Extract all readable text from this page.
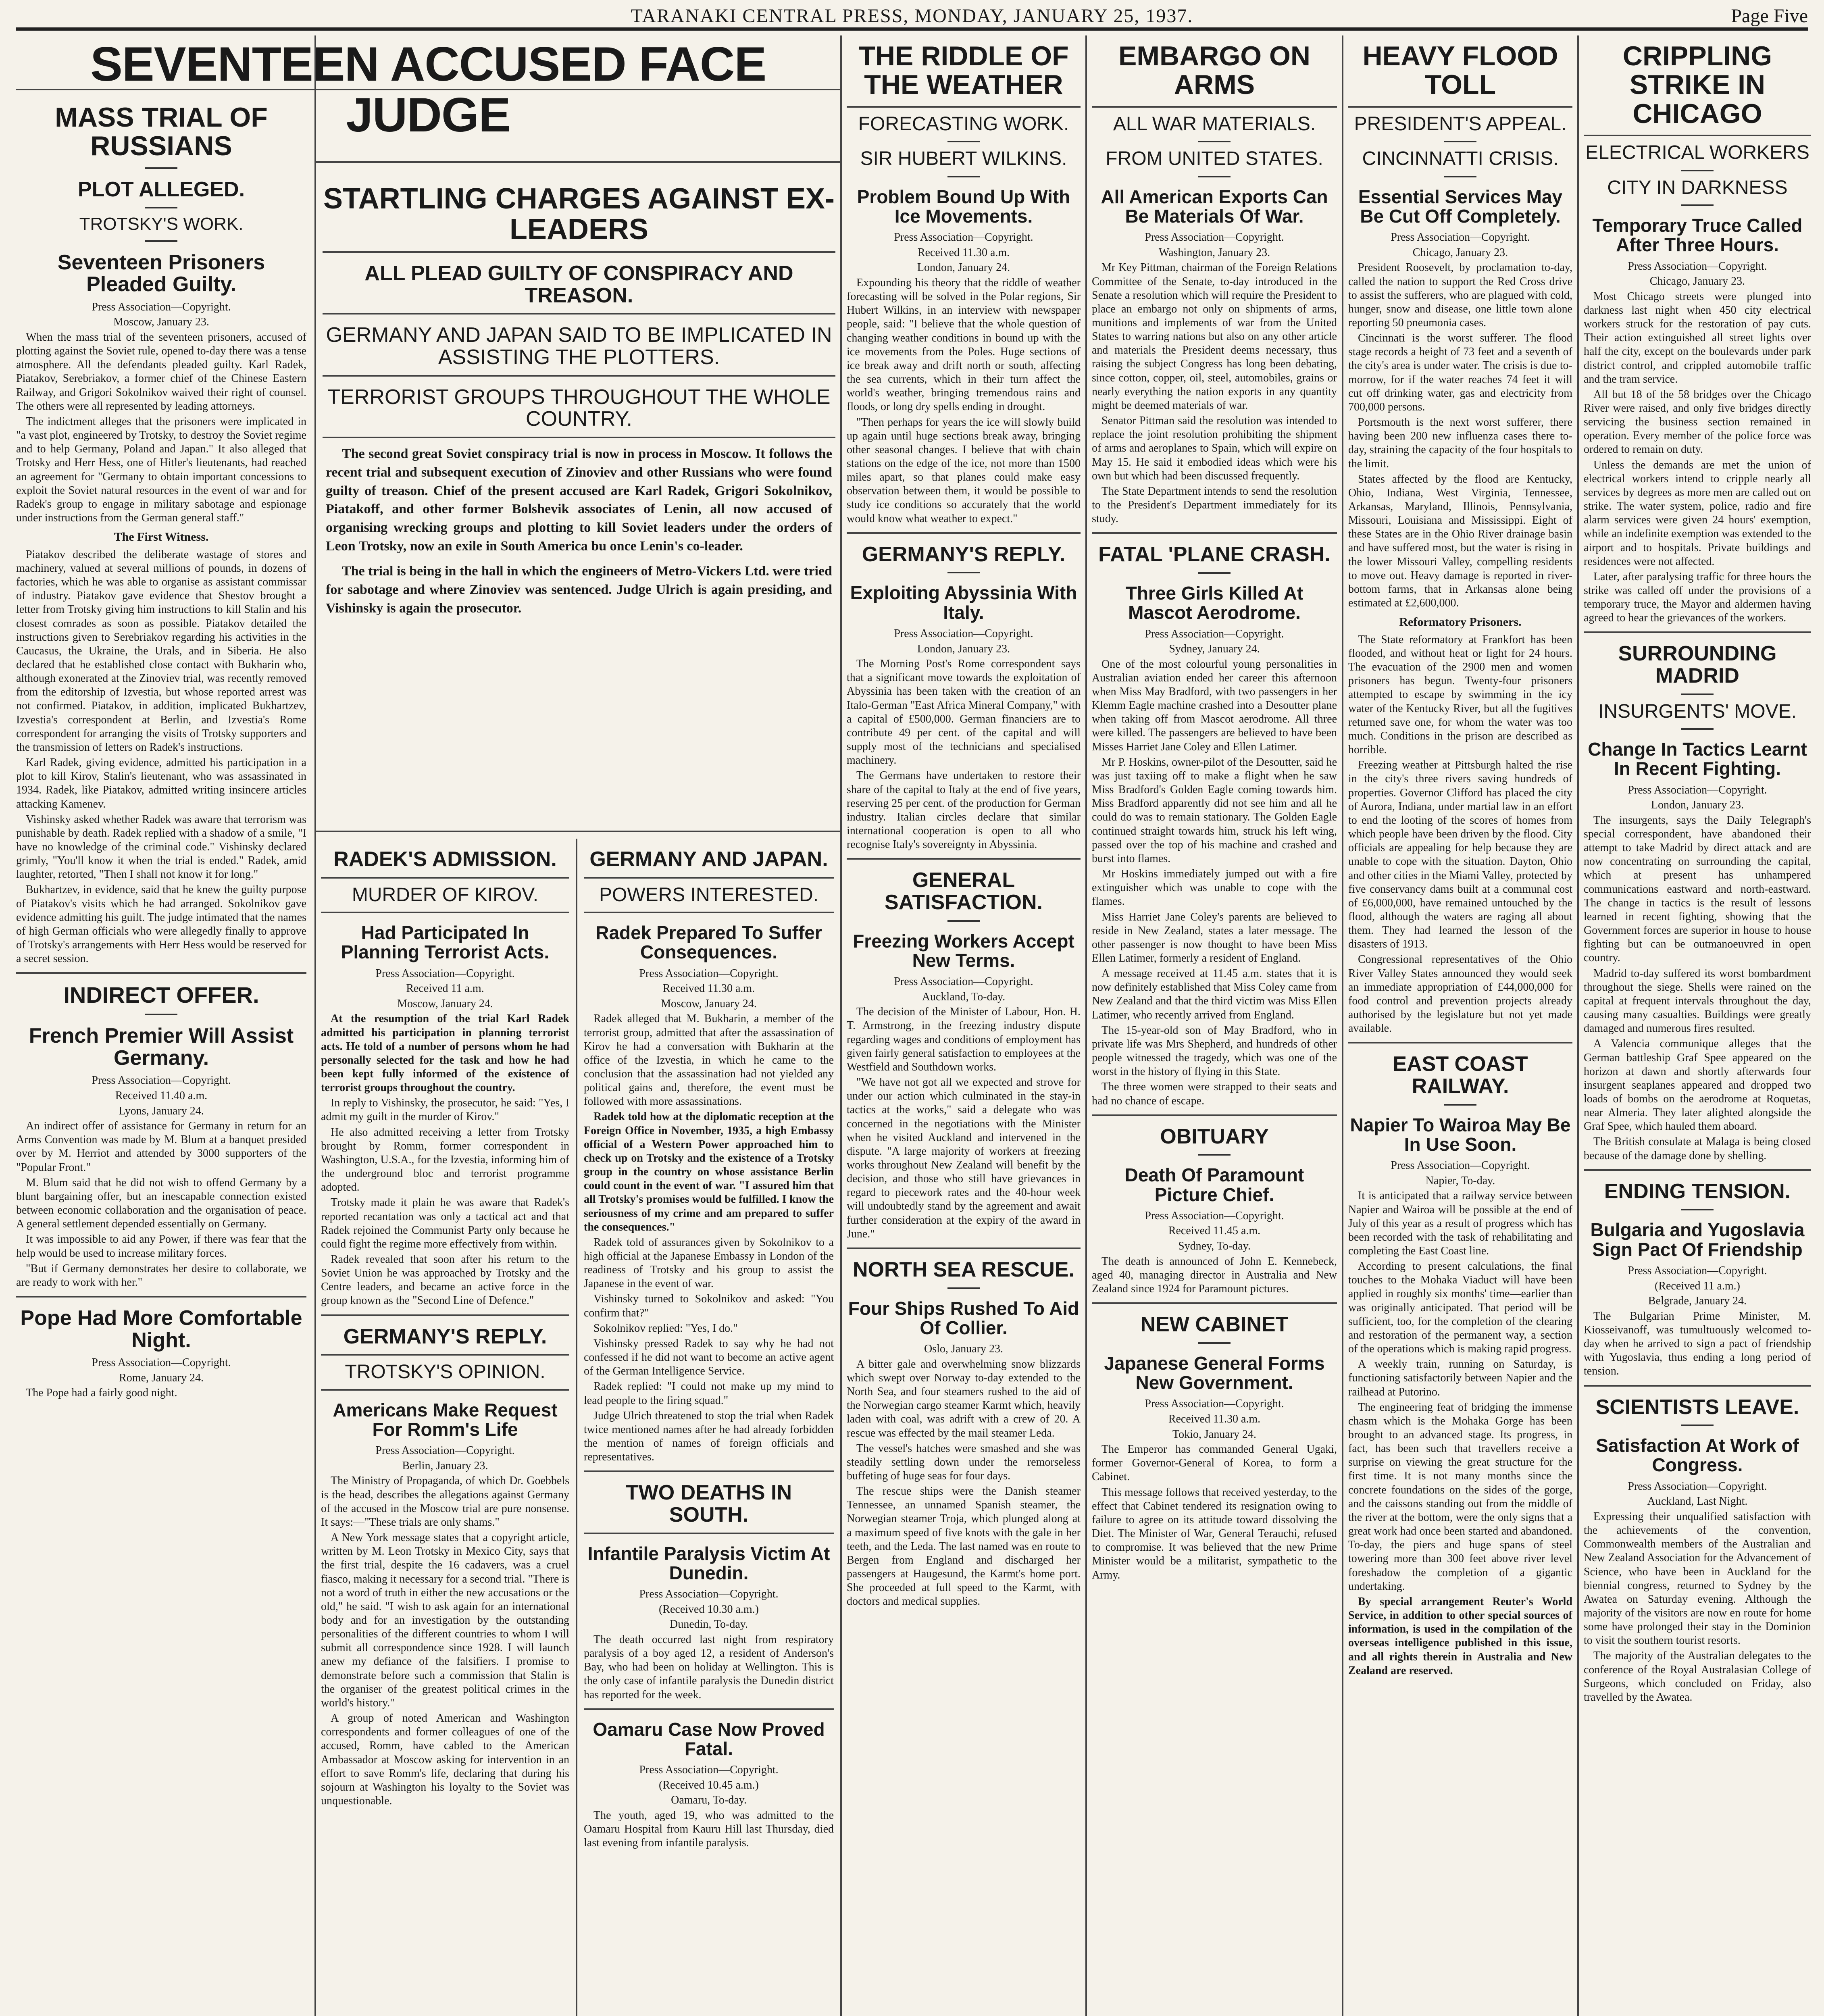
TARANAKI CENTRAL PRESS, MONDAY, JANUARY 25, 1937.	Page Five
SEVENTEEN ACCUSED FACE JUDGE
MASS TRIAL OF RUSSIANS
PLOT ALLEGED.
TROTSKY'S WORK.
Seventeen Prisoners Pleaded Guilty.
Press Association—Copyright.
Moscow, January 23.

When the mass trial of the seventeen prisoners, accused of plotting against the Soviet rule, opened to-day there was a tense atmosphere. All the defendants pleaded guilty. Karl Radek, Piatakov, Serebriakov, a former chief of the Chinese Eastern Railway, and Grigori Sokolnikov waived their right of counsel. The others were all represented by leading attorneys.

The indictment alleges that the prisoners were implicated in "a vast plot, engineered by Trotsky, to destroy the Soviet regime and to help Germany, Poland and Japan." It also alleged that Trotsky and Herr Hess, one of Hitler's lieutenants, had reached an agreement for "Germany to obtain important concessions to exploit the Soviet natural resources in the event of war and for Radek's group to engage in military sabotage and espionage under instructions from the German general staff."

The First Witness.

Piatakov described the deliberate wastage of stores and machinery, valued at several millions of pounds, in dozens of factories, which he was able to organise as assistant commissar of industry. Piatakov gave evidence that Shestov brought a letter from Trotsky giving him instructions to kill Stalin and his closest comrades as soon as possible. Piatakov detailed the instructions given to Serebriakov regarding his activities in the Caucasus, the Ukraine, the Urals, and in Siberia. He also declared that he established close contact with Bukharin who, although exonerated at the Zinoviev trial, was recently removed from the editorship of Izvestia, but whose reported arrest was not confirmed. Piatakov, in addition, implicated Bukhartzev, Izvestia's correspondent at Berlin, and Izvestia's Rome correspondent for arranging the visits of Trotsky supporters and the transmission of letters on Radek's instructions.

Karl Radek, giving evidence, admitted his participation in a plot to kill Kirov, Stalin's lieutenant, who was assassinated in 1934. Radek, like Piatakov, admitted writing insincere articles attacking Kamenev.

Vishinsky asked whether Radek was aware that terrorism was punishable by death. Radek replied with a shadow of a smile, "I have no knowledge of the criminal code." Vishinsky declared grimly, "You'll know it when the trial is ended." Radek, amid laughter, retorted, "Then I shall not know it for long."

Bukhartzev, in evidence, said that he knew the guilty purpose of Piatakov's visits which he had arranged. Sokolnikov gave evidence admitting his guilt. The judge intimated that the names of high German officials who were allegedly finally to approve of Trotsky's arrangements with Herr Hess would be reserved for a secret session.

INDIRECT OFFER.
French Premier Will Assist Germany.
Press Association—Copyright.
Received 11.40 a.m.
Lyons, January 24.

An indirect offer of assistance for Germany in return for an Arms Convention was made by M. Blum at a banquet presided over by M. Herriot and attended by 3000 supporters of the "Popular Front."

M. Blum said that he did not wish to offend Germany by a blunt bargaining offer, but an inescapable connection existed between economic collaboration and the organisation of peace. A general settlement depended essentially on Germany.

It was impossible to aid any Power, if there was fear that the help would be used to increase military forces.

"But if Germany demonstrates her desire to collaborate, we are ready to work with her."

Pope Had More Comfortable Night.
Press Association—Copyright.
Rome, January 24.

The Pope had a fairly good night.

STARTLING CHARGES AGAINST EX-LEADERS
ALL PLEAD GUILTY OF CONSPIRACY AND TREASON.
GERMANY AND JAPAN SAID TO BE IMPLICATED IN ASSISTING THE PLOTTERS.
TERRORIST GROUPS THROUGHOUT THE WHOLE COUNTRY.

The second great Soviet conspiracy trial is now in process in Moscow. It follows the recent trial and subsequent execution of Zinoviev and other Russians who were found guilty of treason. Chief of the present accused are Karl Radek, Grigori Sokolnikov, Piatakoff, and other former Bolshevik associates of Lenin, all now accused of organising wrecking groups and plotting to kill Soviet leaders under the orders of Leon Trotsky, now an exile in South America bu once Lenin's co-leader.

The trial is being in the hall in which the engineers of Metro-Vickers Ltd. were tried for sabotage and where Zinoviev was sentenced. Judge Ulrich is again presiding, and Vishinsky is again the prosecutor.

RADEK'S ADMISSION.
MURDER OF KIROV.
Had Participated In Planning Terrorist Acts.
Press Association—Copyright.
Received 11 a.m.
Moscow, January 24.

At the resumption of the trial Karl Radek admitted his participation in planning terrorist acts. He told of a number of persons whom he had personally selected for the task and how he had been kept fully informed of the existence of terrorist groups throughout the country.

In reply to Vishinsky, the prosecutor, he said: "Yes, I admit my guilt in the murder of Kirov."

He also admitted receiving a letter from Trotsky brought by Romm, former correspondent in Washington, U.S.A., for the Izvestia, informing him of the underground bloc and terrorist programme adopted.

Trotsky made it plain he was aware that Radek's reported recantation was only a tactical act and that Radek rejoined the Communist Party only because he could fight the regime more effectively from within.

Radek revealed that soon after his return to the Soviet Union he was approached by Trotsky and the Centre leaders, and became an active force in the group known as the "Second Line of Defence."

GERMANY'S REPLY.
TROTSKY'S OPINION.
Americans Make Request For Romm's Life
Press Association—Copyright.
Berlin, January 23.

The Ministry of Propaganda, of which Dr. Goebbels is the head, describes the allegations against Germany of the accused in the Moscow trial are pure nonsense. It says:—"These trials are only shams."

A New York message states that a copyright article, written by M. Leon Trotsky in Mexico City, says that the first trial, despite the 16 cadavers, was a cruel fiasco, making it necessary for a second trial. "There is not a word of truth in either the new accusations or the old," he said. "I wish to ask again for an international body and for an investigation by the outstanding personalities of the different countries to whom I will submit all correspondence since 1928. I will launch anew my defiance of the falsifiers. I promise to demonstrate before such a commission that Stalin is the organiser of the greatest political crimes in the world's history."

A group of noted American and Washington correspondents and former colleagues of one of the accused, Romm, have cabled to the American Ambassador at Moscow asking for intervention in an effort to save Romm's life, declaring that during his sojourn at Washington his loyalty to the Soviet was unquestionable.

GERMANY AND JAPAN.
POWERS INTERESTED.
Radek Prepared To Suffer Consequences.
Press Association—Copyright.
Received 11.30 a.m.
Moscow, January 24.

Radek alleged that M. Bukharin, a member of the terrorist group, admitted that after the assassination of Kirov he had a conversation with Bukharin at the office of the Izvestia, in which he came to the conclusion that the assassination had not yielded any political gains and, therefore, the event must be followed with more assassinations.

Radek told how at the diplomatic reception at the Foreign Office in November, 1935, a high Embassy official of a Western Power approached him to check up on Trotsky and the existence of a Trotsky group in the country on whose assistance Berlin could count in the event of war. "I assured him that all Trotsky's promises would be fulfilled. I know the seriousness of my crime and am prepared to suffer the consequences."

Radek told of assurances given by Sokolnikov to a high official at the Japanese Embassy in London of the readiness of Trotsky and his group to assist the Japanese in the event of war.

Vishinsky turned to Sokolnikov and asked: "You confirm that?"

Sokolnikov replied: "Yes, I do."

Vishinsky pressed Radek to say why he had not confessed if he did not want to become an active agent of the German Intelligence Service.

Radek replied: "I could not make up my mind to lead people to the firing squad."

Judge Ulrich threatened to stop the trial when Radek twice mentioned names after he had already forbidden the mention of names of foreign officials and representatives.

TWO DEATHS IN SOUTH.
Infantile Paralysis Victim At Dunedin.
Press Association—Copyright.
(Received 10.30 a.m.)
Dunedin, To-day.

The death occurred last night from respiratory paralysis of a boy aged 12, a resident of Anderson's Bay, who had been on holiday at Wellington. This is the only case of infantile paralysis the Dunedin district has reported for the week.

Oamaru Case Now Proved Fatal.
Press Association—Copyright.
(Received 10.45 a.m.)
Oamaru, To-day.

The youth, aged 19, who was admitted to the Oamaru Hospital from Kauru Hill last Thursday, died last evening from infantile paralysis.

THE RIDDLE OF THE WEATHER
FORECASTING WORK.
SIR HUBERT WILKINS.
Problem Bound Up With Ice Movements.
Press Association—Copyright.
Received 11.30 a.m.
London, January 24.

Expounding his theory that the riddle of weather forecasting will be solved in the Polar regions, Sir Hubert Wilkins, in an interview with newspaper people, said: "I believe that the whole question of changing weather conditions in bound up with the ice movements from the Poles. Huge sections of ice break away and drift north or south, affecting the sea currents, which in their turn affect the world's weather, bringing tremendous rains and floods, or long dry spells ending in drought.

"Then perhaps for years the ice will slowly build up again until huge sections break away, bringing other seasonal changes. I believe that with chain stations on the edge of the ice, not more than 1500 miles apart, so that planes could make easy observation between them, it would be possible to study ice conditions so accurately that the world would know what weather to expect."

GERMANY'S REPLY.
Exploiting Abyssinia With Italy.
Press Association—Copyright.
London, January 23.

The Morning Post's Rome correspondent says that a significant move towards the exploitation of Abyssinia has been taken with the creation of an Italo-German "East Africa Mineral Company," with a capital of £500,000. German financiers are to contribute 49 per cent. of the capital and will supply most of the technicians and specialised machinery.

The Germans have undertaken to restore their share of the capital to Italy at the end of five years, reserving 25 per cent. of the production for German industry. Italian circles declare that similar international cooperation is open to all who recognise Italy's sovereignty in Abyssinia.

GENERAL SATISFACTION.
Freezing Workers Accept New Terms.
Press Association—Copyright.
Auckland, To-day.

The decision of the Minister of Labour, Hon. H. T. Armstrong, in the freezing industry dispute regarding wages and conditions of employment has given fairly general satisfaction to employees at the Westfield and Southdown works.

"We have not got all we expected and strove for under our action which culminated in the stay-in tactics at the works," said a delegate who was concerned in the negotiations with the Minister when he visited Auckland and intervened in the dispute. "A large majority of workers at freezing works throughout New Zealand will benefit by the decision, and those who still have grievances in regard to piecework rates and the 40-hour week will undoubtedly stand by the agreement and await further consideration at the expiry of the award in June."

NORTH SEA RESCUE.
Four Ships Rushed To Aid Of Collier.
Oslo, January 23.

A bitter gale and overwhelming snow blizzards which swept over Norway to-day extended to the North Sea, and four steamers rushed to the aid of the Norwegian cargo steamer Karmt which, heavily laden with coal, was adrift with a crew of 20. A rescue was effected by the mail steamer Leda.

The vessel's hatches were smashed and she was steadily settling down under the remorseless buffeting of huge seas for four days.

The rescue ships were the Danish steamer Tennessee, an unnamed Spanish steamer, the Norwegian steamer Troja, which plunged along at a maximum speed of five knots with the gale in her teeth, and the Leda. The last named was en route to Bergen from England and discharged her passengers at Haugesund, the Karmt's home port. She proceeded at full speed to the Karmt, with doctors and medical supplies.

EMBARGO ON ARMS
ALL WAR MATERIALS.
FROM UNITED STATES.
All American Exports Can Be Materials Of War.
Press Association—Copyright.
Washington, January 23.

Mr Key Pittman, chairman of the Foreign Relations Committee of the Senate, to-day introduced in the Senate a resolution which will require the President to place an embargo not only on shipments of arms, munitions and implements of war from the United States to warring nations but also on any other article and materials the President deems necessary, thus raising the subject Congress has long been debating, since cotton, copper, oil, steel, automobiles, grains or nearly everything the nation exports in any quantity might be deemed materials of war.

Senator Pittman said the resolution was intended to replace the joint resolution prohibiting the shipment of arms and aeroplanes to Spain, which will expire on May 15. He said it embodied ideas which were his own but which had been discussed frequently.

The State Department intends to send the resolution to the President's Department immediately for its study.

FATAL 'PLANE CRASH.
Three Girls Killed At Mascot Aerodrome.
Press Association—Copyright.
Sydney, January 24.

One of the most colourful young personalities in Australian aviation ended her career this afternoon when Miss May Bradford, with two passengers in her Klemm Eagle machine crashed into a Desoutter plane when taking off from Mascot aerodrome. All three were killed. The passengers are believed to have been Misses Harriet Jane Coley and Ellen Latimer.

Mr P. Hoskins, owner-pilot of the Desoutter, said he was just taxiing off to make a flight when he saw Miss Bradford's Golden Eagle coming towards him. Miss Bradford apparently did not see him and all he could do was to remain stationary. The Golden Eagle continued straight towards him, struck his left wing, passed over the top of his machine and crashed and burst into flames.

Mr Hoskins immediately jumped out with a fire extinguisher which was unable to cope with the flames.

Miss Harriet Jane Coley's parents are believed to reside in New Zealand, states a later message. The other passenger is now thought to have been Miss Ellen Latimer, formerly a resident of England.

A message received at 11.45 a.m. states that it is now definitely established that Miss Coley came from New Zealand and that the third victim was Miss Ellen Latimer, who recently arrived from England.

The 15-year-old son of May Bradford, who in private life was Mrs Shepherd, and hundreds of other people witnessed the tragedy, which was one of the worst in the history of flying in this State.

The three women were strapped to their seats and had no chance of escape.

OBITUARY
Death Of Paramount Picture Chief.
Press Association—Copyright.
Received 11.45 a.m.
Sydney, To-day.

The death is announced of John E. Kennebeck, aged 40, managing director in Australia and New Zealand since 1924 for Paramount pictures.

NEW CABINET
Japanese General Forms New Government.
Press Association—Copyright.
Received 11.30 a.m.
Tokio, January 24.

The Emperor has commanded General Ugaki, former Governor-General of Korea, to form a Cabinet.

This message follows that received yesterday, to the effect that Cabinet tendered its resignation owing to failure to agree on its attitude toward dissolving the Diet. The Minister of War, General Terauchi, refused to compromise. It was believed that the new Prime Minister would be a militarist, sympathetic to the Army.

HEAVY FLOOD TOLL
PRESIDENT'S APPEAL.
CINCINNATTI CRISIS.
Essential Services May Be Cut Off Completely.
Press Association—Copyright.
Chicago, January 23.

President Roosevelt, by proclamation to-day, called the nation to support the Red Cross drive to assist the sufferers, who are plagued with cold, hunger, snow and disease, one little town alone reporting 50 pneumonia cases.

Cincinnati is the worst sufferer. The flood stage records a height of 73 feet and a seventh of the city's area is under water. The crisis is due to-morrow, for if the water reaches 74 feet it will cut off drinking water, gas and electricity from 700,000 persons.

Portsmouth is the next worst sufferer, there having been 200 new influenza cases there to-day, straining the capacity of the four hospitals to the limit.

States affected by the flood are Kentucky, Ohio, Indiana, West Virginia, Tennessee, Arkansas, Maryland, Illinois, Pennsylvania, Missouri, Louisiana and Mississippi. Eight of these States are in the Ohio River drainage basin and have suffered most, but the water is rising in the lower Missouri Valley, compelling residents to move out. Heavy damage is reported in river-bottom farms, that in Arkansas alone being estimated at £2,600,000.

Reformatory Prisoners.

The State reformatory at Frankfort has been flooded, and without heat or light for 24 hours. The evacuation of the 2900 men and women prisoners has begun. Twenty-four prisoners attempted to escape by swimming in the icy water of the Kentucky River, but all the fugitives returned save one, for whom the water was too much. Conditions in the prison are described as horrible.

Freezing weather at Pittsburgh halted the rise in the city's three rivers saving hundreds of properties. Governor Clifford has placed the city of Aurora, Indiana, under martial law in an effort to end the looting of the scores of homes from which people have been driven by the flood. City officials are appealing for help because they are unable to cope with the situation. Dayton, Ohio and other cities in the Miami Valley, protected by five conservancy dams built at a communal cost of £6,000,000, have remained untouched by the flood, although the waters are raging all about them. They had learned the lesson of the disasters of 1913.

Congressional representatives of the Ohio River Valley States announced they would seek an immediate appropriation of £44,000,000 for food control and prevention projects already authorised by the legislature but not yet made available.

EAST COAST RAILWAY.
Napier To Wairoa May Be In Use Soon.
Press Association—Copyright.
Napier, To-day.

It is anticipated that a railway service between Napier and Wairoa will be possible at the end of July of this year as a result of progress which has been recorded with the task of rehabilitating and completing the East Coast line.

According to present calculations, the final touches to the Mohaka Viaduct will have been applied in roughly six months' time—earlier than was originally anticipated. That period will be sufficient, too, for the completion of the clearing and restoration of the permanent way, a section of the operations which is making rapid progress.

A weekly train, running on Saturday, is functioning satisfactorily between Napier and the railhead at Putorino.

The engineering feat of bridging the immense chasm which is the Mohaka Gorge has been brought to an advanced stage. Its progress, in fact, has been such that travellers receive a surprise on viewing the great structure for the first time. It is not many months since the concrete foundations on the sides of the gorge, and the caissons standing out from the middle of the river at the bottom, were the only signs that a great work had once been started and abandoned. To-day, the piers and huge spans of steel towering more than 300 feet above river level foreshadow the completion of a gigantic undertaking.

By special arrangement Reuter's World Service, in addition to other special sources of information, is used in the compilation of the overseas intelligence published in this issue, and all rights therein in Australia and New Zealand are reserved.

CRIPPLING STRIKE IN CHICAGO
ELECTRICAL WORKERS
CITY IN DARKNESS
Temporary Truce Called After Three Hours.
Press Association—Copyright.
Chicago, January 23.

Most Chicago streets were plunged into darkness last night when 450 city electrical workers struck for the restoration of pay cuts. Their action extinguished all street lights over half the city, except on the boulevards under park district control, and crippled automobile traffic and the tram service.

All but 18 of the 58 bridges over the Chicago River were raised, and only five bridges directly servicing the business section remained in operation. Every member of the police force was ordered to remain on duty.

Unless the demands are met the union of electrical workers intend to cripple nearly all services by degrees as more men are called out on strike. The water system, police, radio and fire alarm services were given 24 hours' exemption, while an indefinite exemption was extended to the airport and to hospitals. Private buildings and residences were not affected.

Later, after paralysing traffic for three hours the strike was called off under the provisions of a temporary truce, the Mayor and aldermen having agreed to hear the grievances of the workers.

SURROUNDING MADRID
INSURGENTS' MOVE.
Change In Tactics Learnt In Recent Fighting.
Press Association—Copyright.
London, January 23.

The insurgents, says the Daily Telegraph's special correspondent, have abandoned their attempt to take Madrid by direct attack and are now concentrating on surrounding the capital, which at present has unhampered communications eastward and north-eastward. The change in tactics is the result of lessons learned in recent fighting, showing that the Government forces are superior in house to house fighting but can be outmanoeuvred in open country.

Madrid to-day suffered its worst bombardment throughout the siege. Shells were rained on the capital at frequent intervals throughout the day, causing many casualties. Buildings were greatly damaged and numerous fires resulted.

A Valencia communique alleges that the German battleship Graf Spee appeared on the horizon at dawn and shortly afterwards four insurgent seaplanes appeared and dropped two loads of bombs on the aerodrome at Roquetas, near Almeria. They later alighted alongside the Graf Spee, which hauled them aboard.

The British consulate at Malaga is being closed because of the damage done by shelling.

ENDING TENSION.
Bulgaria and Yugoslavia Sign Pact Of Friendship
Press Association—Copyright.
(Received 11 a.m.)
Belgrade, January 24.

The Bulgarian Prime Minister, M. Kiosseivanoff, was tumultuously welcomed to-day when he arrived to sign a pact of friendship with Yugoslavia, thus ending a long period of tension.

SCIENTISTS LEAVE.
Satisfaction At Work of Congress.
Press Association—Copyright.
Auckland, Last Night.

Expressing their unqualified satisfaction with the achievements of the convention, Commonwealth members of the Australian and New Zealand Association for the Advancement of Science, who have been in Auckland for the biennial congress, returned to Sydney by the Awatea on Saturday evening. Although the majority of the visitors are now en route for home some have prolonged their stay in the Dominion to visit the southern tourist resorts.

The majority of the Australian delegates to the conference of the Royal Australasian College of Surgeons, which concluded on Friday, also travelled by the Awatea.
